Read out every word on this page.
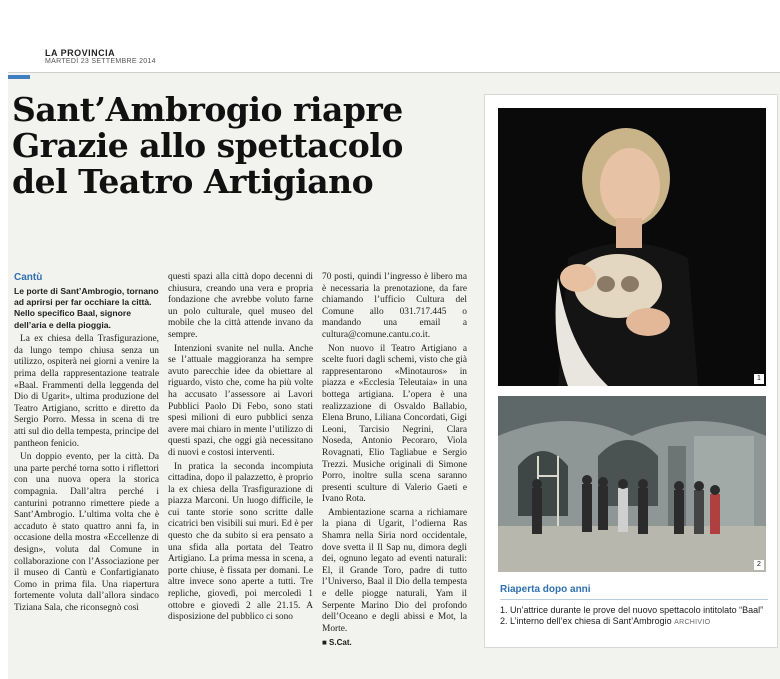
LA PROVINCIA
MARTEDÌ 23 SETTEMBRE 2014
Sant’Ambrogio riapre
Grazie allo spettacolo
del Teatro Artigiano
Cantù
Le porte di Sant’Ambrogio, tornano ad aprirsi per far occhiare la città. Nello specifico Baal, signore dell’aria e della pioggia.

La ex chiesa della Trasfigurazione, da lungo tempo chiusa senza un utilizzo, ospiterà nei giorni a venire la prima della rappresentazione teatrale «Baal. Frammenti della leggenda del Dio di Ugarit», ultima produzione del Teatro Artigiano, scritto e diretto da Sergio Porro. Messa in scena di tre atti sul dio della tempesta, principe del pantheon fenicio.

Un doppio evento, per la città. Da una parte perché torna sotto i riflettori con una nuova opera la storica compagnia. Dall’altra perché i canturini potranno rimettere piede a Sant’Ambrogio. L’ultima volta che è accaduto è stato quattro anni fa, in occasione della mostra «Eccellenze di design», voluta dal Comune in collaborazione con l’Associazione per il museo di Cantù e Confartigianato Como in prima fila. Una riapertura fortemente voluta dall’allora sindaco Tiziana Sala, che riconsegnò così

questi spazi alla città dopo decenni di chiusura, creando una vera e propria fondazione che avrebbe voluto farne un polo culturale, quel museo del mobile che la città attende invano da sempre.

Intenzioni svanite nel nulla. Anche se l’attuale maggioranza ha sempre avuto parecchie idee da obiettare al riguardo, visto che, come ha più volte ha accusato l’assessore ai Lavori Pubblici Paolo Di Febo, sono stati spesi milioni di euro pubblici senza avere mai chiaro in mente l’utilizzo di questi spazi, che oggi già necessitano di nuovi e costosi interventi.

In pratica la seconda incompiuta cittadina, dopo il palazzetto, è proprio la ex chiesa della Trasfigurazione di piazza Marconi. Un luogo difficile, le cui tante storie sono scritte dalle cicatrici ben visibili sui muri. Ed è per questo che da subito si era pensato a una sfida alla portata del Teatro Artigiano. La prima messa in scena, a porte chiuse, è fissata per domani. Le altre invece sono aperte a tutti. Tre repliche, giovedì, poi mercoledì 1 ottobre e giovedì 2 alle 21.15. A disposizione del pubblico ci sono

70 posti, quindi l’ingresso è libero ma è necessaria la prenotazione, da fare chiamando l’ufficio Cultura del Comune allo 031.717.445 o mandando una email a cultura@comune.cantu.co.it.

Non nuovo il Teatro Artigiano a scelte fuori dagli schemi, visto che già rappresentarono «Minotauros» in piazza e «Ecclesia Teleutaia» in una bottega artigiana. L’opera è una realizzazione di Osvaldo Ballabio, Elena Bruno, Liliana Concordati, Gigi Leoni, Tarcisio Negrini, Clara Noseda, Antonio Pecoraro, Viola Rovagnati, Elio Tagliabue e Sergio Trezzi. Musiche originali di Simone Porro, inoltre sulla scena saranno presenti sculture di Valerio Gaeti e Ivano Rota.

Ambientazione scarna a richiamare la piana di Ugarit, l’odierna Ras Shamra nella Siria nord occidentale, dove svetta il Il Sap nu, dimora degli dei, ognuno legato ad eventi naturali: El, il Grande Toro, padre di tutto l’Universo, Baal il Dio della tempesta e delle piogge naturali, Yam il Serpente Marino Dio del profondo dell’Oceano e degli abissi e Mot, la Morte.

■ S.Cat.
1
2
Riaperta dopo anni
1. Un’attrice durante le prove del nuovo spettacolo intitolato “Baal”
2. L’interno dell’ex chiesa di Sant’Ambrogio ARCHIVIO
